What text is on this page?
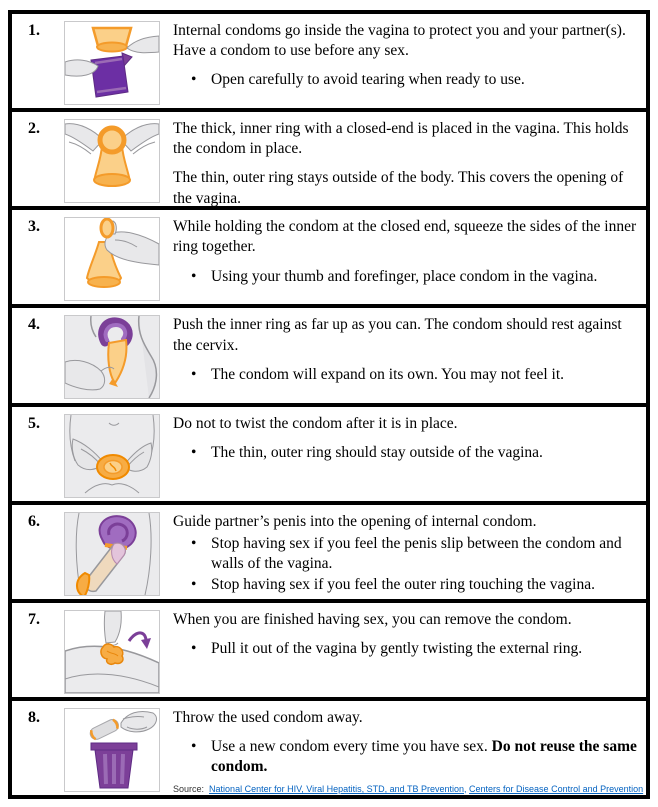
1.	Internal condoms go inside the vagina to protect you and your partner(s). Have a condom to use before any sex.

• Open carefully to avoid tearing when ready to use.
2.	The thick, inner ring with a closed-end is placed in the vagina. This holds the condom in place.

The thin, outer ring stays outside of the body. This covers the opening of the vagina.

3.	While holding the condom at the closed end, squeeze the sides of the inner ring together.

• Using your thumb and forefinger, place condom in the vagina.
4.	Push the inner ring as far up as you can. The condom should rest against the cervix.

• The condom will expand on its own. You may not feel it.
5.	Do not to twist the condom after it is in place.

• The thin, outer ring should stay outside of the vagina.
6.	Guide partner’s penis into the opening of internal condom.

• Stop having sex if you feel the penis slip between the condom and walls of the vagina.
• Stop having sex if you feel the outer ring touching the vagina.
7.	When you are finished having sex, you can remove the condom.

• Pull it out of the vagina by gently twisting the external ring.
8.	Throw the used condom away.

• Use a new condom every time you have sex. Do not reuse the same condom.
Source: National Center for HIV, Viral Hepatitis, STD, and TB Prevention, Centers for Disease Control and Prevention
